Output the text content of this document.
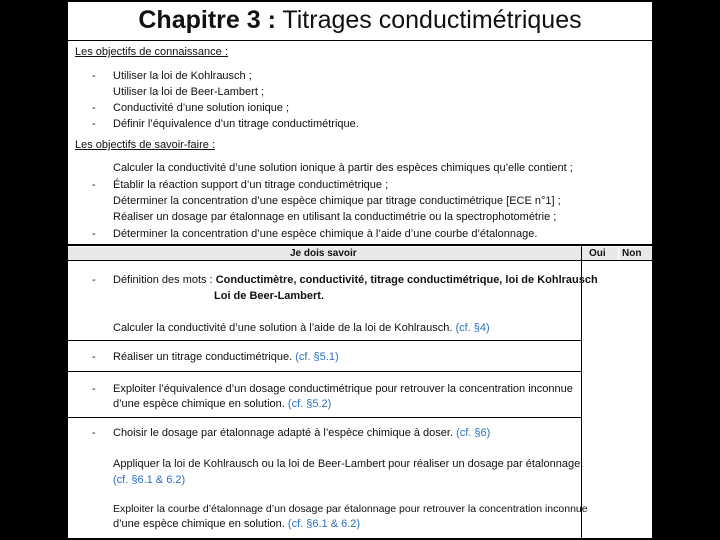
Chapitre 3 : Titrages conductimétriques
Les objectifs de connaissance :
- Utiliser la loi de Kohlrausch ;
Utiliser la loi de Beer-Lambert ;
- Conductivité d’une solution ionique ;
- Définir l’équivalence d’un titrage conductimétrique.
Les objectifs de savoir-faire :
Calculer la conductivité d’une solution ionique à partir des espèces chimiques qu’elle contient ;
- Établir la réaction support d’un titrage conductimétrique ;
Déterminer la concentration d’une espèce chimique par titrage conductimétrique [ECE n°1] ;
Réaliser un dosage par étalonnage en utilisant la conductimétrie ou la spectrophotométrie ;
- Déterminer la concentration d’une espèce chimique à l’aide d’une courbe d’étalonnage.
Je dois savoir	Oui Non
- Définition des mots : Conductimètre, conductivité, titrage conductimétrique, loi de Kohlrausch
Loi de Beer-Lambert.
Calculer la conductivité d’une solution à l’aide de la loi de Kohlrausch. (cf. §4)
- Réaliser un titrage conductimétrique. (cf. §5.1)
- Exploiter l’équivalence d’un dosage conductimétrique pour retrouver la concentration inconnue
d’une espèce chimique en solution. (cf. §5.2)
- Choisir le dosage par étalonnage adapté à l’espèce chimique à doser. (cf. §6)
Appliquer la loi de Kohlrausch ou la loi de Beer-Lambert pour réaliser un dosage par étalonnage.
(cf. §6.1 & 6.2)
Exploiter la courbe d’étalonnage d’un dosage par étalonnage pour retrouver la concentration inconnue
d’une espèce chimique en solution. (cf. §6.1 & 6.2)
